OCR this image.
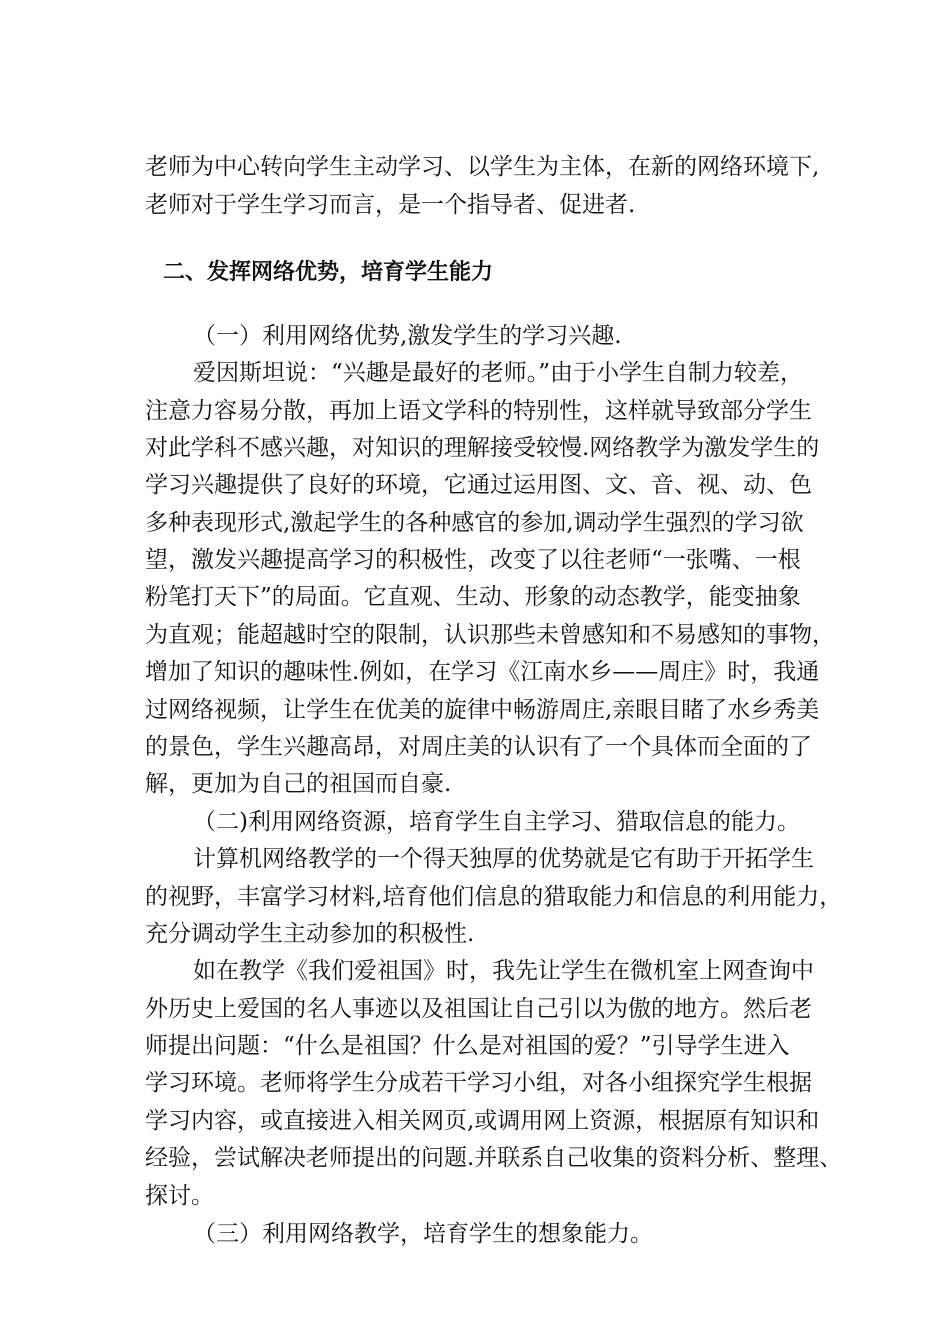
老师为中心转向学生主动学习、以学生为主体，在新的网络环境下,

老师对于学生学习而言，是一个指导者、促进者.

二、发挥网络优势，培育学生能力

（一）利用网络优势,激发学生的学习兴趣.

爱因斯坦说：“兴趣是最好的老师。”由于小学生自制力较差，

注意力容易分散，再加上语文学科的特别性，这样就导致部分学生

对此学科不感兴趣，对知识的理解接受较慢.网络教学为激发学生的

学习兴趣提供了良好的环境，它通过运用图、文、音、视、动、色

多种表现形式,激起学生的各种感官的参加,调动学生强烈的学习欲

望，激发兴趣提高学习的积极性，改变了以往老师“一张嘴、一根

粉笔打天下”的局面。它直观、生动、形象的动态教学，能变抽象

为直观；能超越时空的限制，认识那些未曾感知和不易感知的事物，

增加了知识的趣味性.例如，在学习《江南水乡——周庄》时，我通

过网络视频，让学生在优美的旋律中畅游周庄,亲眼目睹了水乡秀美

的景色，学生兴趣高昂，对周庄美的认识有了一个具体而全面的了

解，更加为自己的祖国而自豪.

（二)利用网络资源，培育学生自主学习、猎取信息的能力。

计算机网络教学的一个得天独厚的优势就是它有助于开拓学生

的视野，丰富学习材料,培育他们信息的猎取能力和信息的利用能力，

充分调动学生主动参加的积极性.

如在教学《我们爱祖国》时，我先让学生在微机室上网查询中

外历史上爱国的名人事迹以及祖国让自己引以为傲的地方。然后老

师提出问题：“什么是祖国？什么是对祖国的爱？”引导学生进入

学习环境。老师将学生分成若干学习小组，对各小组探究学生根据

学习内容，或直接进入相关网页,或调用网上资源，根据原有知识和

经验，尝试解决老师提出的问题.并联系自己收集的资料分析、整理、

探讨。

（三）利用网络教学，培育学生的想象能力。
